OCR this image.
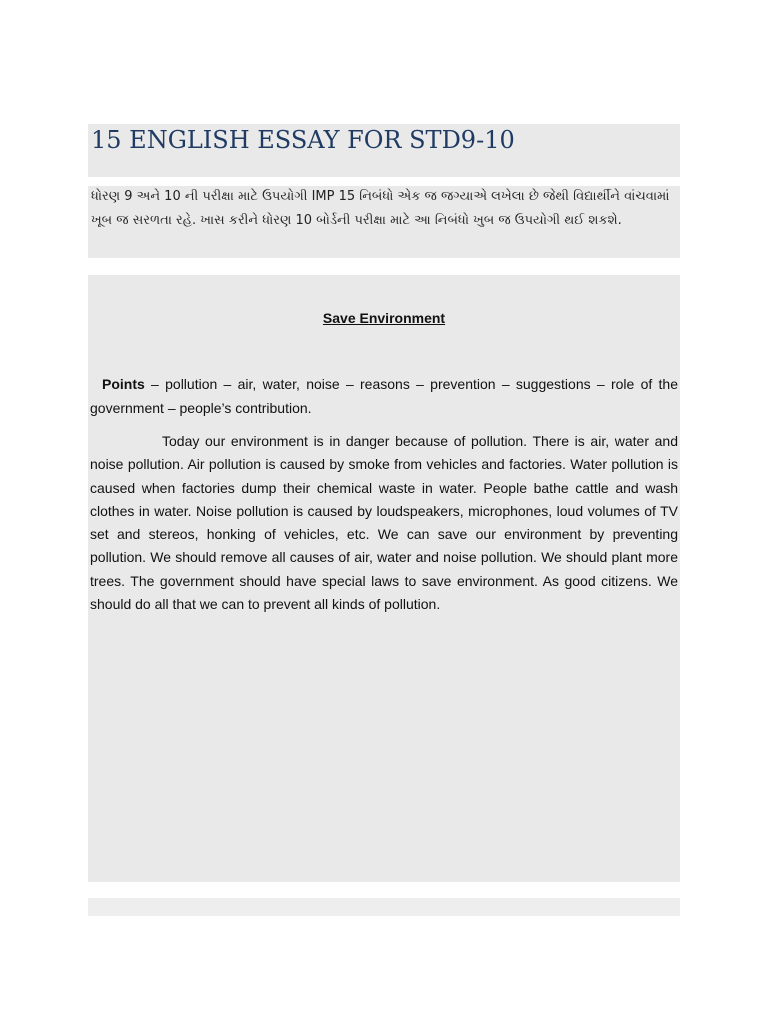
15 ENGLISH ESSAY FOR STD9-10

ધોરણ 9 અને 10 ની પરીક્ષા માટે ઉપયોગી IMP 15 નિબંધો એક જ જગ્યાએ લખેલા છે જેથી વિદ્યાર્થીને વાંચવામાં ખૂબ જ સરળતા રહે. ખાસ કરીને ધોરણ 10 બોર્ડની પરીક્ષા માટે આ નિબંધો ખુબ જ ઉપયોગી થઈ શકશે.

Save Environment

Points – pollution – air, water, noise – reasons – prevention – suggestions – role of the government – people’s contribution.

Today our environment is in danger because of pollution. There is air, water and noise pollution. Air pollution is caused by smoke from vehicles and factories. Water pollution is caused when factories dump their chemical waste in water. People bathe cattle and wash clothes in water. Noise pollution is caused by loudspeakers, microphones, loud volumes of TV set and stereos, honking of vehicles, etc. We can save our environment by preventing pollution. We should remove all causes of air, water and noise pollution. We should plant more trees. The government should have special laws to save environment. As good citizens. We should do all that we can to prevent all kinds of pollution.
